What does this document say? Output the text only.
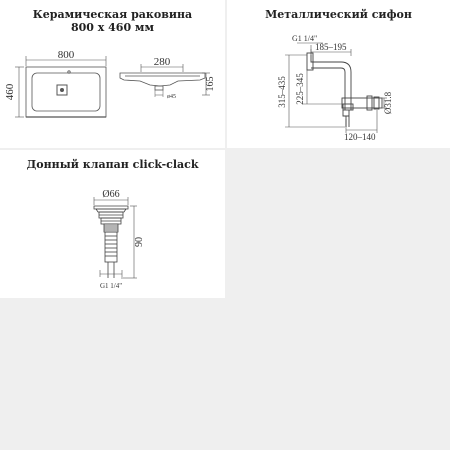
Керамическая раковина
800 x 460 мм
800
460
280
165
ø45
Металлический сифон
G1 1/4"
185–195
315–435 225–345	Ø31.8
120–140
Донный клапан click-clack
Ø66
90
G1 1/4"
